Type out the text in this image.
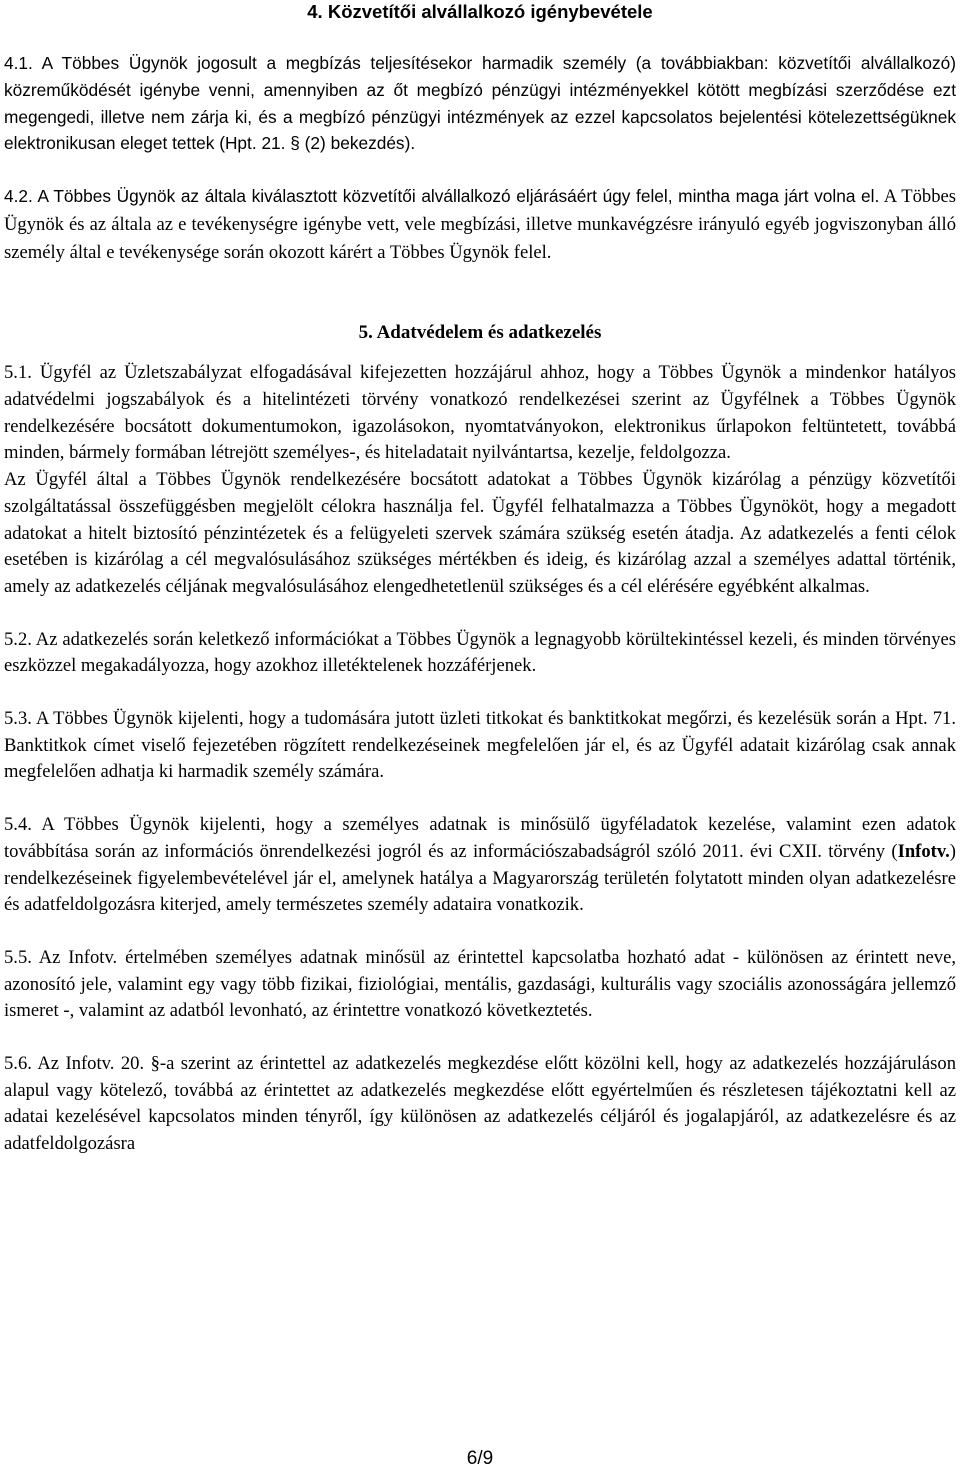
4. Közvetítői alvállalkozó igénybevétele

4.1. A Többes Ügynök jogosult a megbízás teljesítésekor harmadik személy (a továbbiakban: közvetítői alvállalkozó) közreműködését igénybe venni, amennyiben az őt megbízó pénzügyi intézményekkel kötött megbízási szerződése ezt megengedi, illetve nem zárja ki, és a megbízó pénzügyi intézmények az ezzel kapcsolatos bejelentési kötelezettségüknek elektronikusan eleget tettek (Hpt. 21. § (2) bekezdés).

4.2. A Többes Ügynök az általa kiválasztott közvetítői alvállalkozó eljárásáért úgy felel, mintha maga járt volna el. A Többes Ügynök és az általa az e tevékenységre igénybe vett, vele megbízási, illetve munkavégzésre irányuló egyéb jogviszonyban álló személy által e tevékenysége során okozott kárért a Többes Ügynök felel.

5. Adatvédelem és adatkezelés

5.1. Ügyfél az Üzletszabályzat elfogadásával kifejezetten hozzájárul ahhoz, hogy a Többes Ügynök a mindenkor hatályos adatvédelmi jogszabályok és a hitelintézeti törvény vonatkozó rendelkezései szerint az Ügyfélnek a Többes Ügynök rendelkezésére bocsátott dokumentumokon, igazolásokon, nyomtatványokon, elektronikus űrlapokon feltüntetett, továbbá minden, bármely formában létrejött személyes-, és hiteladatait nyilvántartsa, kezelje, feldolgozza.

Az Ügyfél által a Többes Ügynök rendelkezésére bocsátott adatokat a Többes Ügynök kizárólag a pénzügy közvetítői szolgáltatással összefüggésben megjelölt célokra használja fel. Ügyfél felhatalmazza a Többes Ügynököt, hogy a megadott adatokat a hitelt biztosító pénzintézetek és a felügyeleti szervek számára szükség esetén átadja. Az adatkezelés a fenti célok esetében is kizárólag a cél megvalósulásához szükséges mértékben és ideig, és kizárólag azzal a személyes adattal történik, amely az adatkezelés céljának megvalósulásához elengedhetetlenül szükséges és a cél elérésére egyébként alkalmas.

5.2. Az adatkezelés során keletkező információkat a Többes Ügynök a legnagyobb körültekintéssel kezeli, és minden törvényes eszközzel megakadályozza, hogy azokhoz illetéktelenek hozzáférjenek.

5.3. A Többes Ügynök kijelenti, hogy a tudomására jutott üzleti titkokat és banktitkokat megőrzi, és kezelésük során a Hpt. 71. Banktitkok címet viselő fejezetében rögzített rendelkezéseinek megfelelően jár el, és az Ügyfél adatait kizárólag csak annak megfelelően adhatja ki harmadik személy számára.

5.4. A Többes Ügynök kijelenti, hogy a személyes adatnak is minősülő ügyféladatok kezelése, valamint ezen adatok továbbítása során az információs önrendelkezési jogról és az információszabadságról szóló 2011. évi CXII. törvény (Infotv.) rendelkezéseinek figyelembevételével jár el, amelynek hatálya a Magyarország területén folytatott minden olyan adatkezelésre és adatfeldolgozásra kiterjed, amely természetes személy adataira vonatkozik.

5.5. Az Infotv. értelmében személyes adatnak minősül az érintettel kapcsolatba hozható adat - különösen az érintett neve, azonosító jele, valamint egy vagy több fizikai, fiziológiai, mentális, gazdasági, kulturális vagy szociális azonosságára jellemző ismeret -, valamint az adatból levonható, az érintettre vonatkozó következtetés.

5.6. Az Infotv. 20. §-a szerint az érintettel az adatkezelés megkezdése előtt közölni kell, hogy az adatkezelés hozzájáruláson alapul vagy kötelező, továbbá az érintettet az adatkezelés megkezdése előtt egyértelműen és részletesen tájékoztatni kell az adatai kezelésével kapcsolatos minden tényről, így különösen az adatkezelés céljáról és jogalapjáról, az adatkezelésre és az adatfeldolgozásra

6/9
